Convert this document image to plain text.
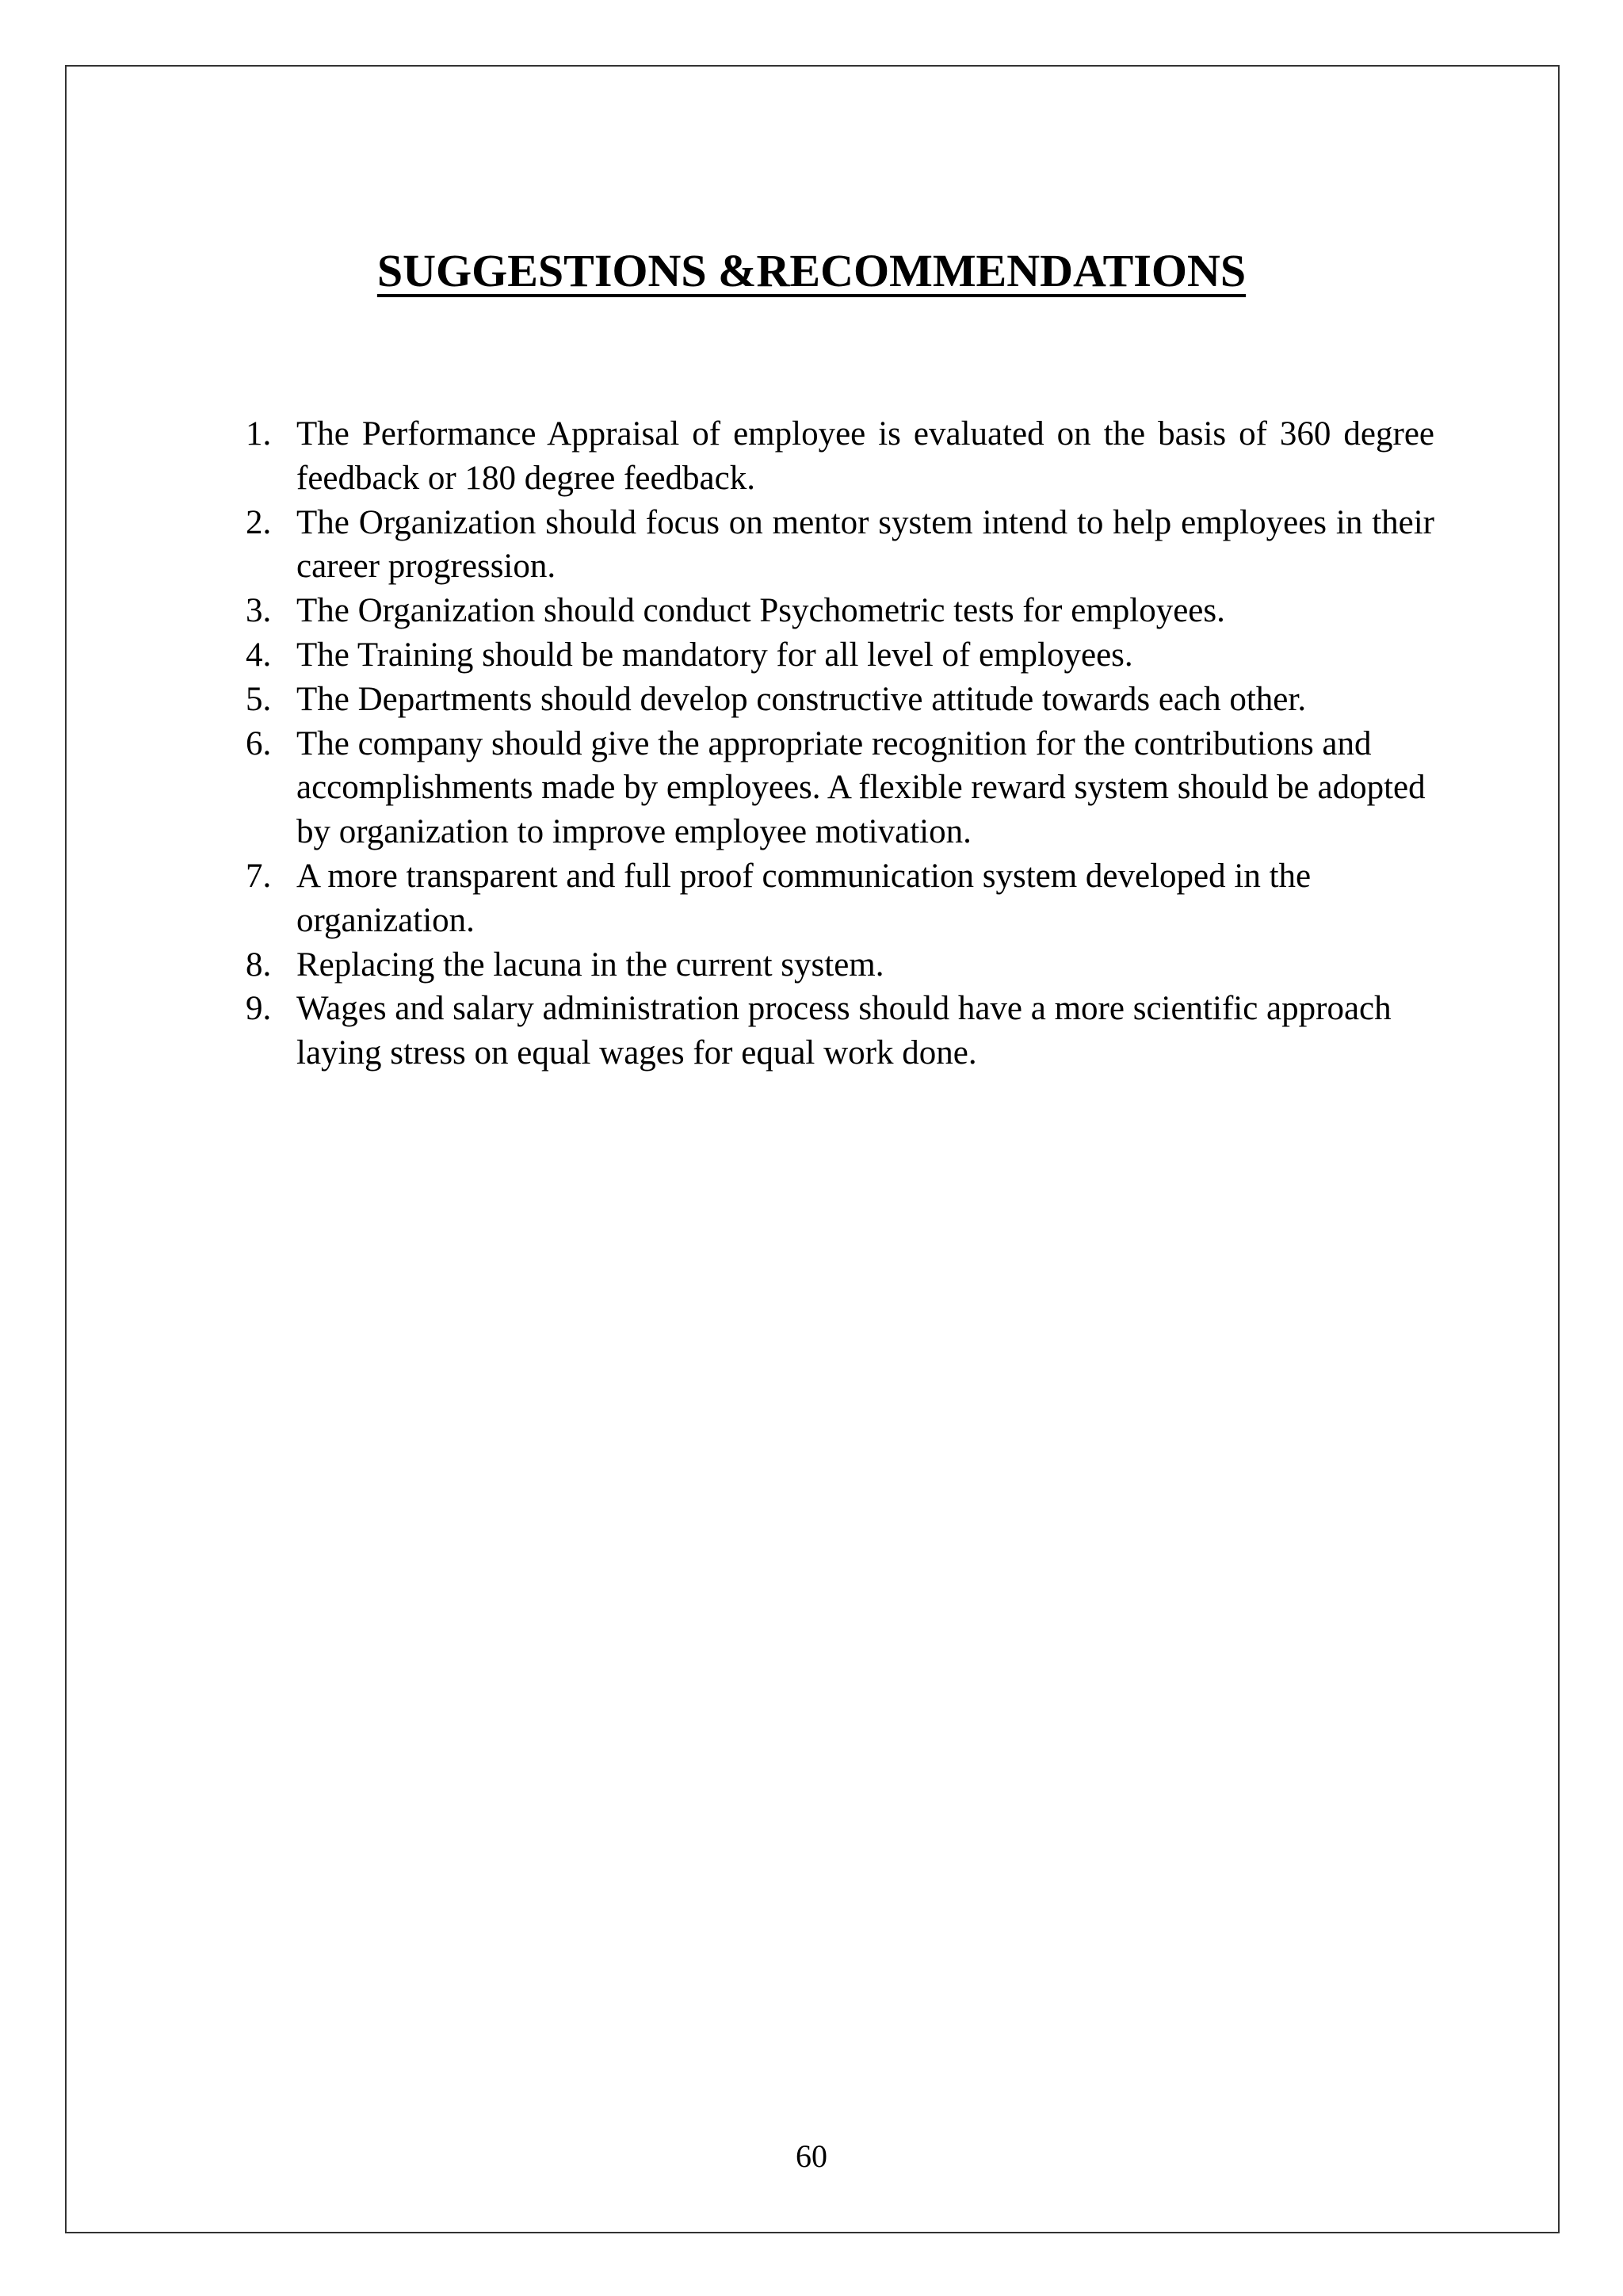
SUGGESTIONS &RECOMMENDATIONS
1. The Performance Appraisal of employee is evaluated on the basis of 360 degree feedback or 180 degree feedback.
2. The Organization should focus on mentor system intend to help employees in their career progression.
3. The Organization should conduct Psychometric tests for employees.
4. The Training should be mandatory for all level of employees.
5. The Departments should develop constructive attitude towards each other.
6. The company should give the appropriate recognition for the contributions and accomplishments made by employees. A flexible reward system should be adopted by organization to improve employee motivation.
7. A more transparent and full proof communication system developed in the organization.
8. Replacing the lacuna in the current system.
9. Wages and salary administration process should have a more scientific approach laying stress on equal wages for equal work done.
60
